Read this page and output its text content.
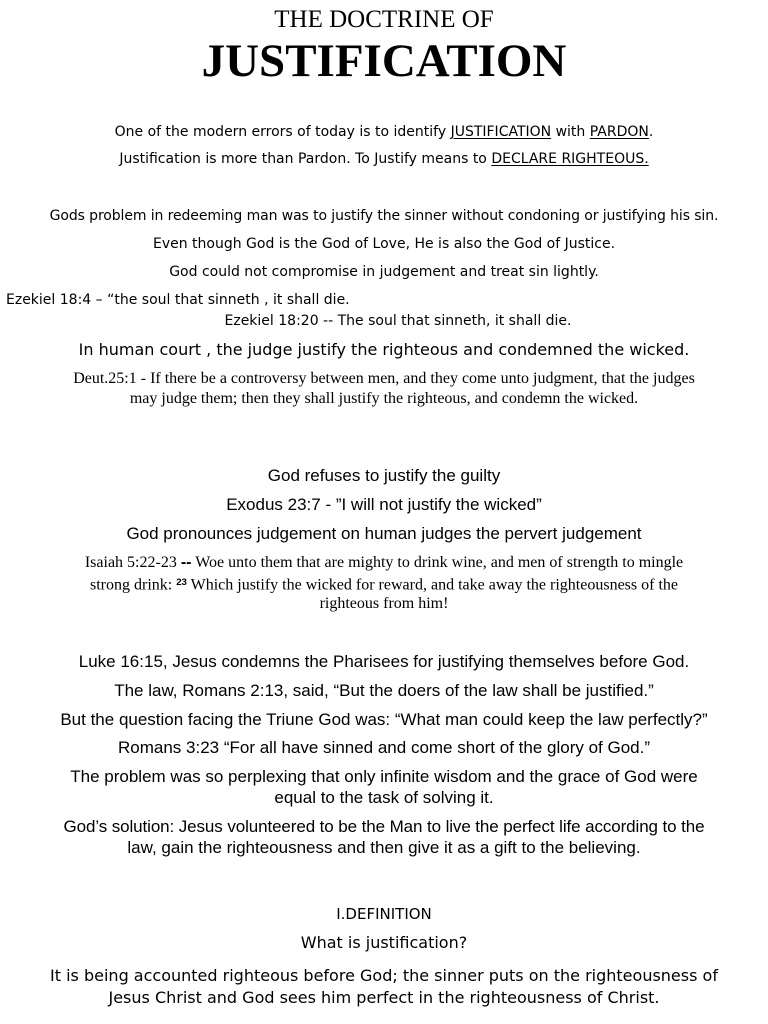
THE DOCTRINE OF
JUSTIFICATION
One of the modern errors of today is to identify JUSTIFICATION with PARDON.
Justification is more than Pardon. To Justify means to DECLARE RIGHTEOUS.
Gods problem in redeeming man was to justify the sinner without condoning or justifying his sin.
Even though God is the God of Love, He is also the God of Justice.
God could not compromise in judgement and treat sin lightly.
Ezekiel 18:4 – “the soul that sinneth , it shall die.
Ezekiel 18:20 -- The soul that sinneth, it shall die.
In human court , the judge justify the righteous and condemned the wicked.
Deut.25:1 - If there be a controversy between men, and they come unto judgment, that the judges
may judge them; then they shall justify the righteous, and condemn the wicked.
God refuses to justify the guilty
Exodus 23:7 - ”I will not justify the wicked”
God pronounces judgement on human judges the pervert judgement
Isaiah 5:22-23 -- Woe unto them that are mighty to drink wine, and men of strength to mingle
strong drink: $^{23}$ Which justify the wicked for reward, and take away the righteousness of the
righteous from him!
Luke 16:15, Jesus condemns the Pharisees for justifying themselves before God.
The law, Romans 2:13, said, “But the doers of the law shall be justified.”
But the question facing the Triune God was: “What man could keep the law perfectly?”
Romans 3:23 “For all have sinned and come short of the glory of God.”
The problem was so perplexing that only infinite wisdom and the grace of God were
equal to the task of solving it.
God’s solution: Jesus volunteered to be the Man to live the perfect life according to the
law, gain the righteousness and then give it as a gift to the believing.
I.DEFINITION
What is justification?
It is being accounted righteous before God; the sinner puts on the righteousness of
Jesus Christ and God sees him perfect in the righteousness of Christ.
